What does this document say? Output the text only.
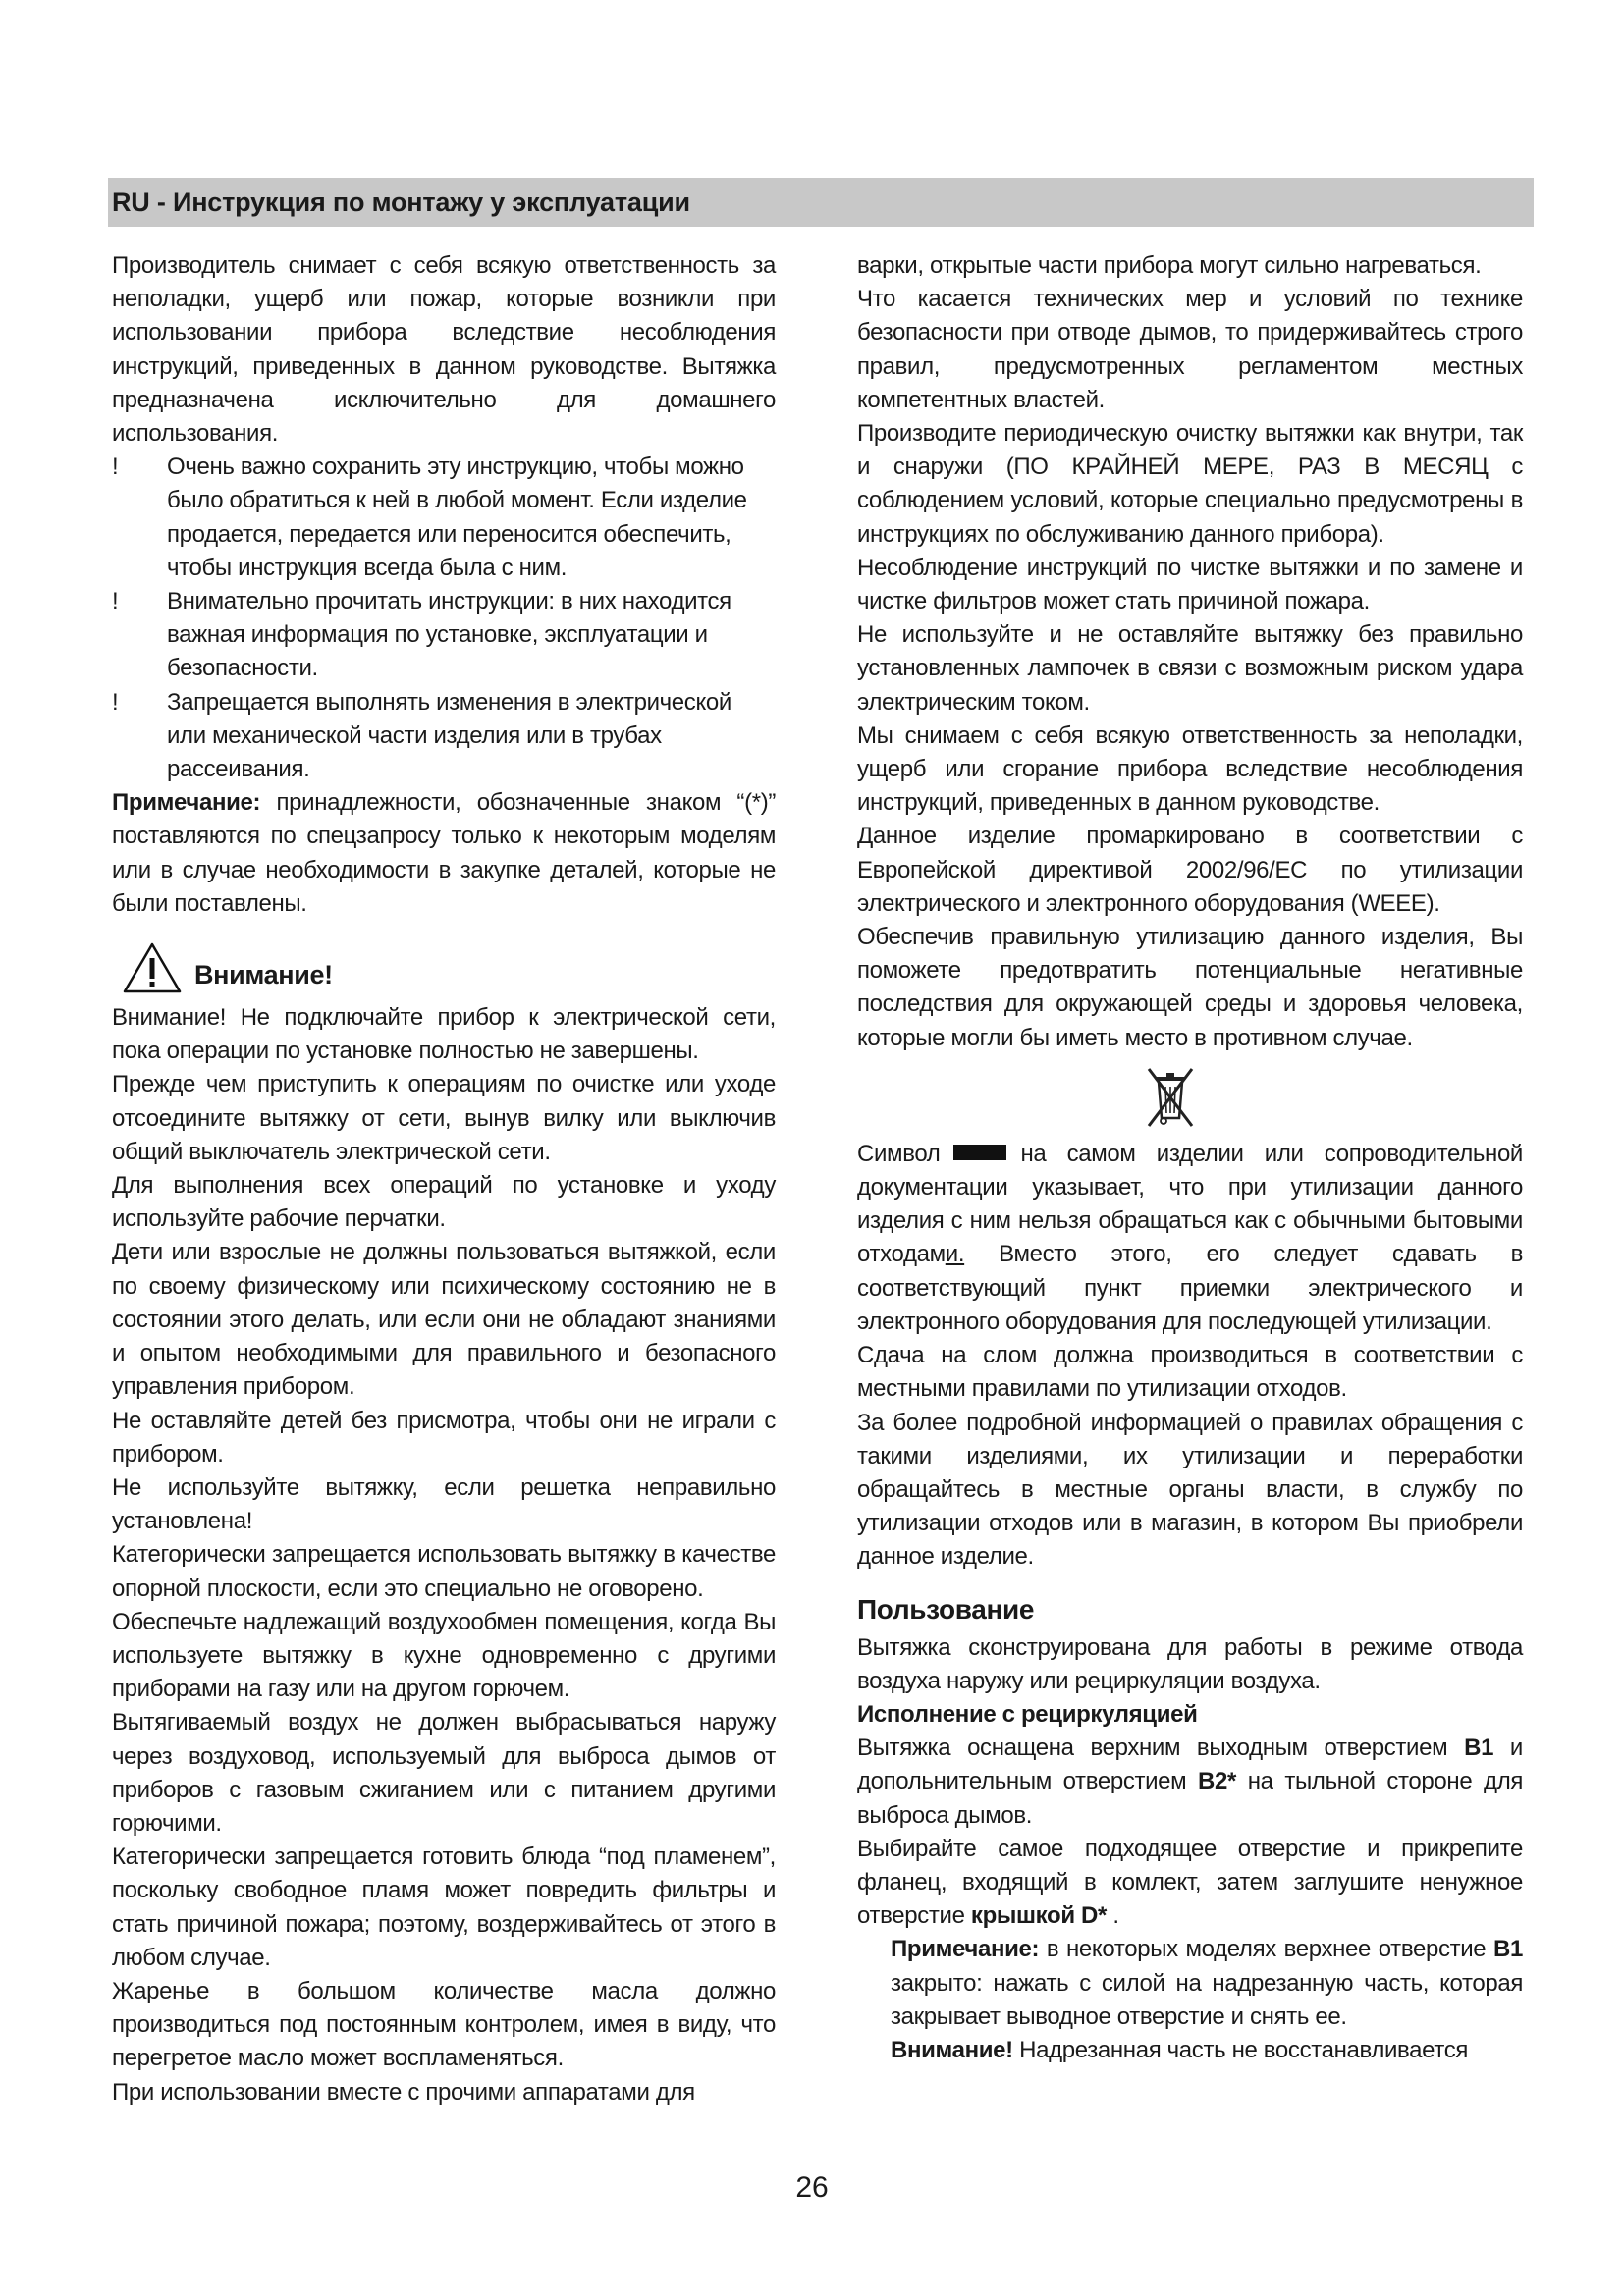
RU - Инструкция по монтажу у эксплуатации

Производитель снимает с себя всякую ответственность за неполадки, ущерб или пожар, которые возникли при использовании прибора вследствие несоблюдения инструкций, приведенных в данном руководстве. Вытяжка предназначена исключительно для домашнего использования.

!	Очень важно сохранить эту инструкцию, чтобы можно было обратиться к ней в любой момент. Если изделие продается, передается или переносится обеспечить, чтобы инструкция всегда была с ним.
!	Внимательно прочитать инструкции: в них находится важная информация по установке, эксплуатации и безопасности.
!	Запрещается выполнять изменения в электрической или механической части изделия или в трубах рассеивания.

Примечание: принадлежности, обозначенные знаком “(*)” поставляются по спецзапросу только к некоторым моделям или в случае необходимости в закупке деталей, которые не были поставлены.

Внимание!

Внимание! Не подключайте прибор к электрической сети, пока операции по установке полностью не завершены.

Прежде чем приступить к операциям по очистке или уходе отсоедините вытяжку от сети, вынув вилку или выключив общий выключатель электрической сети.

Для выполнения всех операций по установке и уходу используйте рабочие перчатки.

Дети или взрослые не должны пользоваться вытяжкой, если по своему физическому или психическому состоянию не в состоянии этого делать, или если они не обладают знаниями и опытом необходимыми для правильного и безопасного управления прибором.

Не оставляйте детей без присмотра, чтобы они не играли с прибором.

Не используйте вытяжку, если решетка неправильно установлена!

Категорически запрещается использовать вытяжку в качестве опорной плоскости, если это специально не оговорено.

Обеспечьте надлежащий воздухообмен помещения, когда Вы используете вытяжку в кухне одновременно с другими приборами на газу или на другом горючем.

Вытягиваемый воздух не должен выбрасываться наружу через воздуховод, используемый для выброса дымов от приборов с газовым сжиганием или с питанием другими горючими.

Категорически запрещается готовить блюда “под пламенем”, поскольку свободное пламя может повредить фильтры и стать причиной пожара; поэтому, воздерживайтесь от этого в любом случае.

Жаренье в большом количестве масла должно производиться под постоянным контролем, имея в виду, что перегретое масло может воспламеняться.

При использовании вместе с прочими аппаратами для

варки, открытые части прибора могут сильно нагреваться.

Что касается технических мер и условий по технике безопасности при отводе дымов, то придерживайтесь строго правил, предусмотренных регламентом местных компетентных властей.

Производите периодическую очистку вытяжки как внутри, так и снаружи (ПО КРАЙНЕЙ МЕРЕ, РАЗ В МЕСЯЦ с соблюдением условий, которые специально предусмотрены в инструкциях по обслуживанию данного прибора).

Несоблюдение инструкций по чистке вытяжки и по замене и чистке фильтров может стать причиной пожара.

Не используйте и не оставляйте вытяжку без правильно установленных лампочек в связи с возможным риском удара электрическим током.

Мы снимаем с себя всякую ответственность за неполадки, ущерб или сгорание прибора вследствие несоблюдения инструкций, приведенных в данном руководстве.

Данное изделие промаркировано в соответствии с Европейской директивой 2002/96/EC по утилизации электрического и электронного оборудования (WEEE).

Обеспечив правильную утилизацию данного изделия, Вы поможете предотвратить потенциальные негативные последствия для окружающей среды и здоровья человека, которые могли бы иметь место в противном случае.

Символ	на самом изделии или сопроводительной документации указывает, что при утилизации данного изделия с ним нельзя обращаться как с обычными бытовыми отходами. Вместо этого, его следует сдавать в соответствующий пункт приемки электрического и электронного оборудования для последующей утилизации.

Сдача на слом должна производиться в соответствии с местными правилами по утилизации отходов.

За более подробной информацией о правилах обращения с такими изделиями, их утилизации и переработки обращайтесь в местные органы власти, в службу по утилизации отходов или в магазин, в котором Вы приобрели данное изделие.

Пользование

Вытяжка сконструирована для работы в режиме отвода воздуха наружу или рециркуляции воздуха.

Исполнение с рециркуляцией

Вытяжка оснащена верхним выходным отверстием B1 и допольнительным отверстием B2* на тыльной стороне для выброса дымов.

Выбирайте самое подходящее отверстие и прикрепите фланец, входящий в комлект, затем заглушите ненужное отверстие крышкой D* .

Примечание: в некоторых моделях верхнее отверстие B1 закрыто: нажать с силой на надрезанную часть, которая закрывает выводное отверстие и снять ее.

Внимание! Надрезанная часть не восстанавливается

26
